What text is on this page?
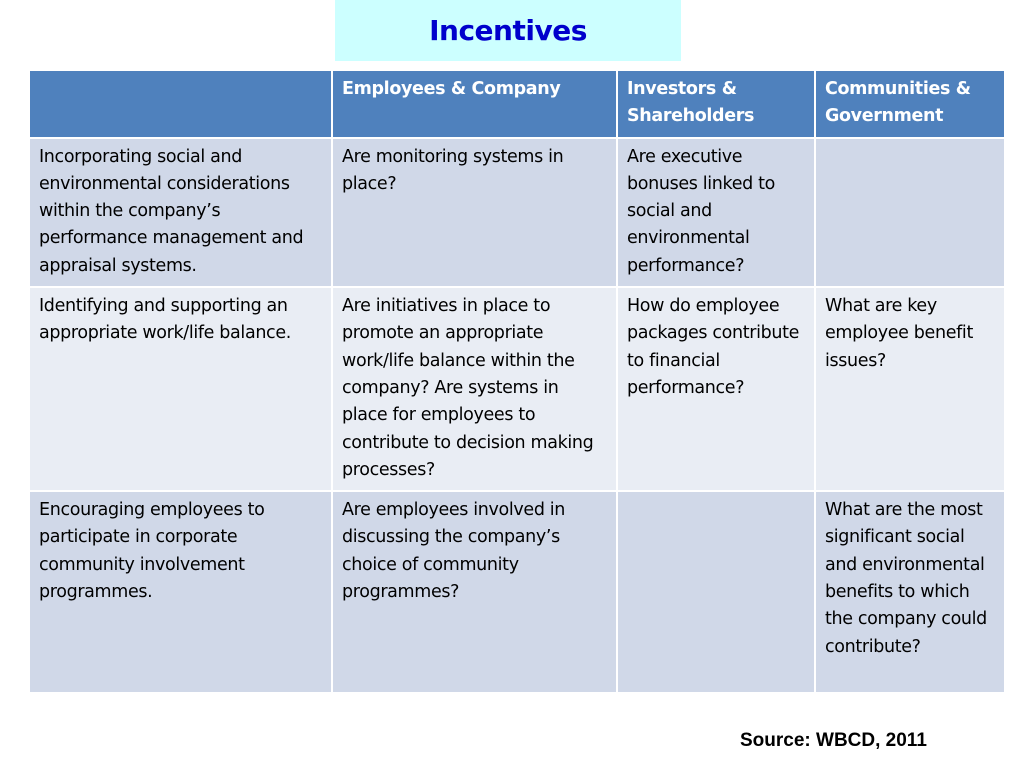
Incentives
	Employees & Company	Investors & Shareholders	Communities & Government
Incorporating social and environmental considerations within the company’s performance management and appraisal systems.	Are monitoring systems in place?	Are executive bonuses linked to social and environmental performance?	
Identifying and supporting an appropriate work/life balance.	Are initiatives in place to promote an appropriate work/life balance within the company? Are systems in place for employees to contribute to decision making processes?	How do employee packages contribute to financial performance?	What are key employee benefit issues?
Encouraging employees to participate in corporate community involvement programmes.	Are employees involved in discussing the company’s choice of community programmes?		What are the most significant social and environmental benefits to which the company could contribute?
Source: WBCD, 2011
